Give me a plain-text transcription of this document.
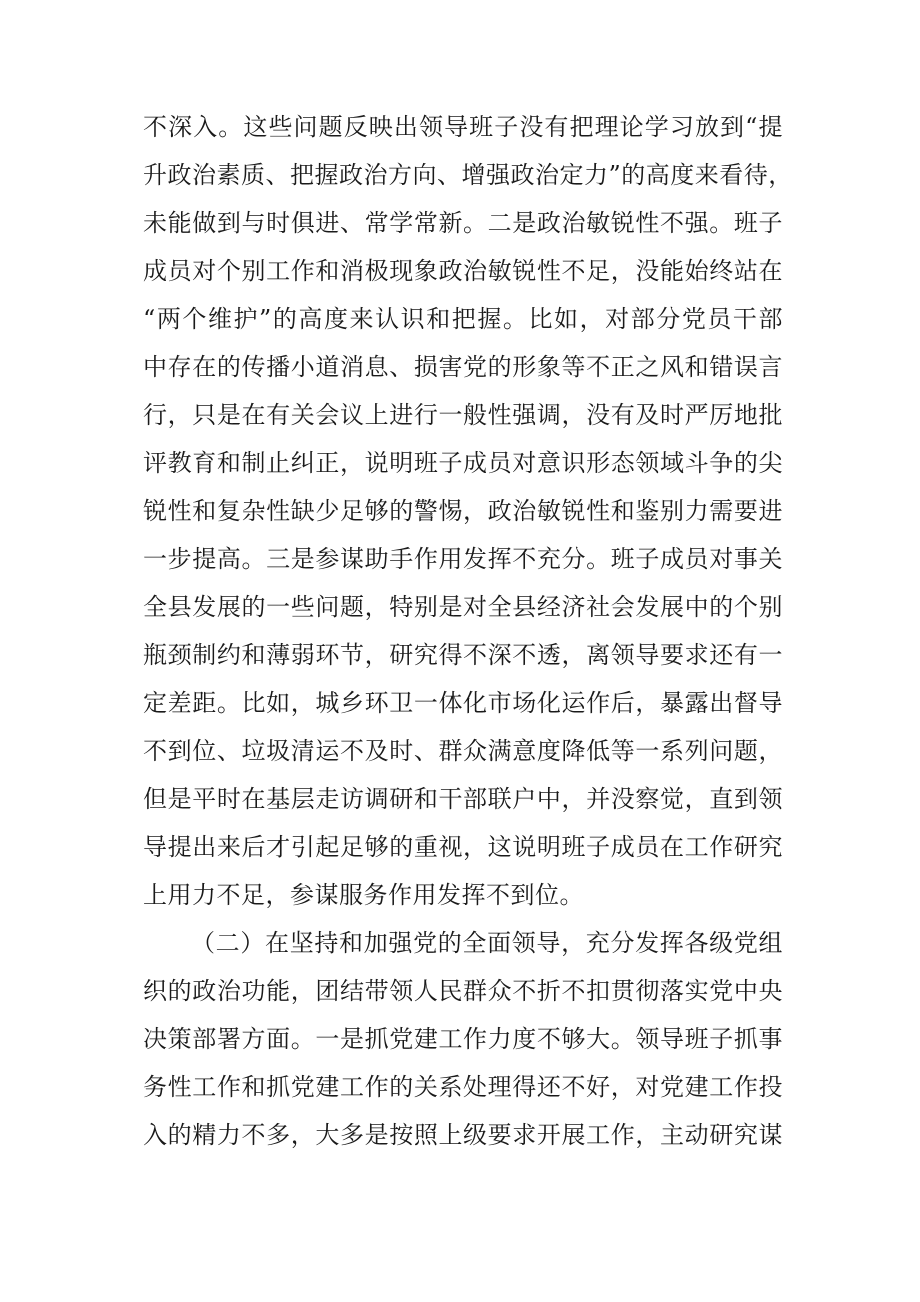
不深入。这些问题反映出领导班子没有把理论学习放到“提
升政治素质、把握政治方向、增强政治定力”的高度来看待，
未能做到与时俱进、常学常新。二是政治敏锐性不强。班子
成员对个别工作和消极现象政治敏锐性不足，没能始终站在
“两个维护”的高度来认识和把握。比如，对部分党员干部
中存在的传播小道消息、损害党的形象等不正之风和错误言
行，只是在有关会议上进行一般性强调，没有及时严厉地批
评教育和制止纠正，说明班子成员对意识形态领域斗争的尖
锐性和复杂性缺少足够的警惕，政治敏锐性和鉴别力需要进
一步提高。三是参谋助手作用发挥不充分。班子成员对事关
全县发展的一些问题，特别是对全县经济社会发展中的个别
瓶颈制约和薄弱环节，研究得不深不透，离领导要求还有一
定差距。比如，城乡环卫一体化市场化运作后，暴露出督导
不到位、垃圾清运不及时、群众满意度降低等一系列问题，
但是平时在基层走访调研和干部联户中，并没察觉，直到领
导提出来后才引起足够的重视，这说明班子成员在工作研究
上用力不足，参谋服务作用发挥不到位。
（二）在坚持和加强党的全面领导，充分发挥各级党组
织的政治功能，团结带领人民群众不折不扣贯彻落实党中央
决策部署方面。一是抓党建工作力度不够大。领导班子抓事
务性工作和抓党建工作的关系处理得还不好，对党建工作投
入的精力不多，大多是按照上级要求开展工作，主动研究谋
